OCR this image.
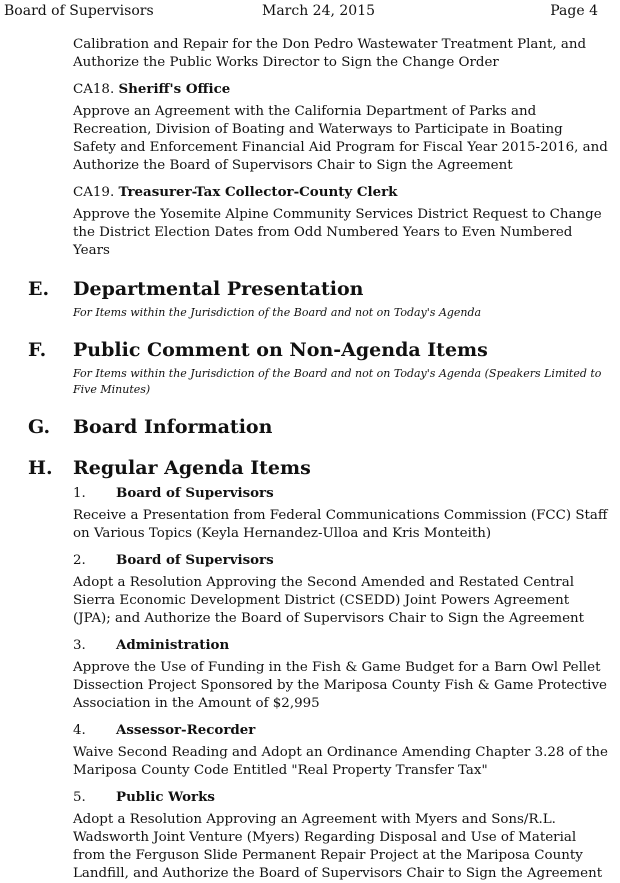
Board of Supervisors	March 24, 2015	Page 4

Calibration and Repair for the Don Pedro Wastewater Treatment Plant, and Authorize the Public Works Director to Sign the Change Order

CA18. Sheriff's Office

Approve an Agreement with the California Department of Parks and Recreation, Division of Boating and Waterways to Participate in Boating Safety and Enforcement Financial Aid Program for Fiscal Year 2015-2016, and Authorize the Board of Supervisors Chair to Sign the Agreement

CA19. Treasurer-Tax Collector-County Clerk

Approve the Yosemite Alpine Community Services District Request to Change the District Election Dates from Odd Numbered Years to Even Numbered Years

E.	Departmental Presentation

For Items within the Jurisdiction of the Board and not on Today's Agenda

F.	Public Comment on Non-Agenda Items

For Items within the Jurisdiction of the Board and not on Today's Agenda (Speakers Limited to Five Minutes)

G.	Board Information
H.	Regular Agenda Items
1. Board of Supervisors

Receive a Presentation from Federal Communications Commission (FCC) Staff on Various Topics (Keyla Hernandez-Ulloa and Kris Monteith)

2. Board of Supervisors

Adopt a Resolution Approving the Second Amended and Restated Central Sierra Economic Development District (CSEDD) Joint Powers Agreement (JPA); and Authorize the Board of Supervisors Chair to Sign the Agreement

3. Administration

Approve the Use of Funding in the Fish & Game Budget for a Barn Owl Pellet Dissection Project Sponsored by the Mariposa County Fish & Game Protective Association in the Amount of $2,995

4. Assessor-Recorder

Waive Second Reading and Adopt an Ordinance Amending Chapter 3.28 of the Mariposa County Code Entitled "Real Property Transfer Tax"

5. Public Works

Adopt a Resolution Approving an Agreement with Myers and Sons/R.L. Wadsworth Joint Venture (Myers) Regarding Disposal and Use of Material from the Ferguson Slide Permanent Repair Project at the Mariposa County Landfill, and Authorize the Board of Supervisors Chair to Sign the Agreement
